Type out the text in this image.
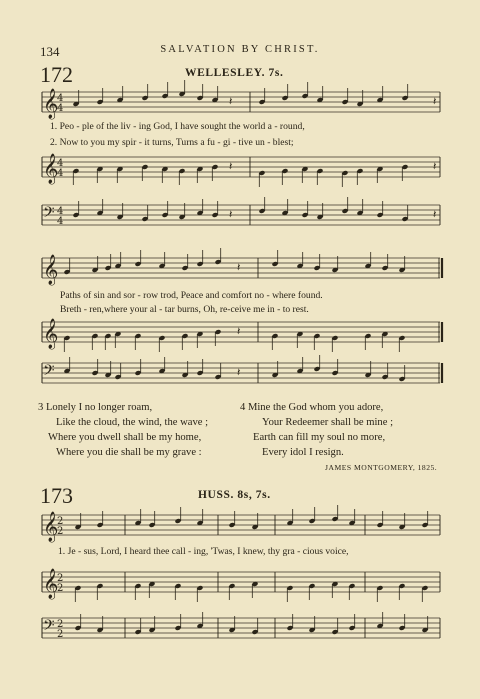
134	SALVATION BY CHRIST.
172	WELLESLEY. 7s.
𝄞
4
4
𝄞
4
4
𝄢 4
4
𝄽	𝄽
𝄽	𝄽
𝄽	𝄽
𝄞
𝄞
𝄢
𝄽
𝄽
𝄽
𝄞
2
2
𝄞
2
2
𝄢 2
2
1. Peo - ple of the liv - ing God, I have sought the world a - round,
2. Now to you my spir - it turns, Turns a fu - gi - tive un - blest;
Paths of sin and sor - row trod, Peace and comfort no - where found.
Breth - ren,where your al - tar burns, Oh, re-ceive me in - to rest.
3 Lonely I no longer roam,
Like the cloud, the wind, the wave ;
Where you dwell shall be my home,
Where you die shall be my grave :
4 Mine the God whom you adore,
Your Redeemer shall be mine ;
Earth can fill my soul no more,
Every idol I resign.
JAMES MONTGOMERY, 1825.
173	HUSS. 8s, 7s.
1. Je - sus, Lord, I heard thee call - ing, 'Twas, I knew, thy gra - cious voice,
